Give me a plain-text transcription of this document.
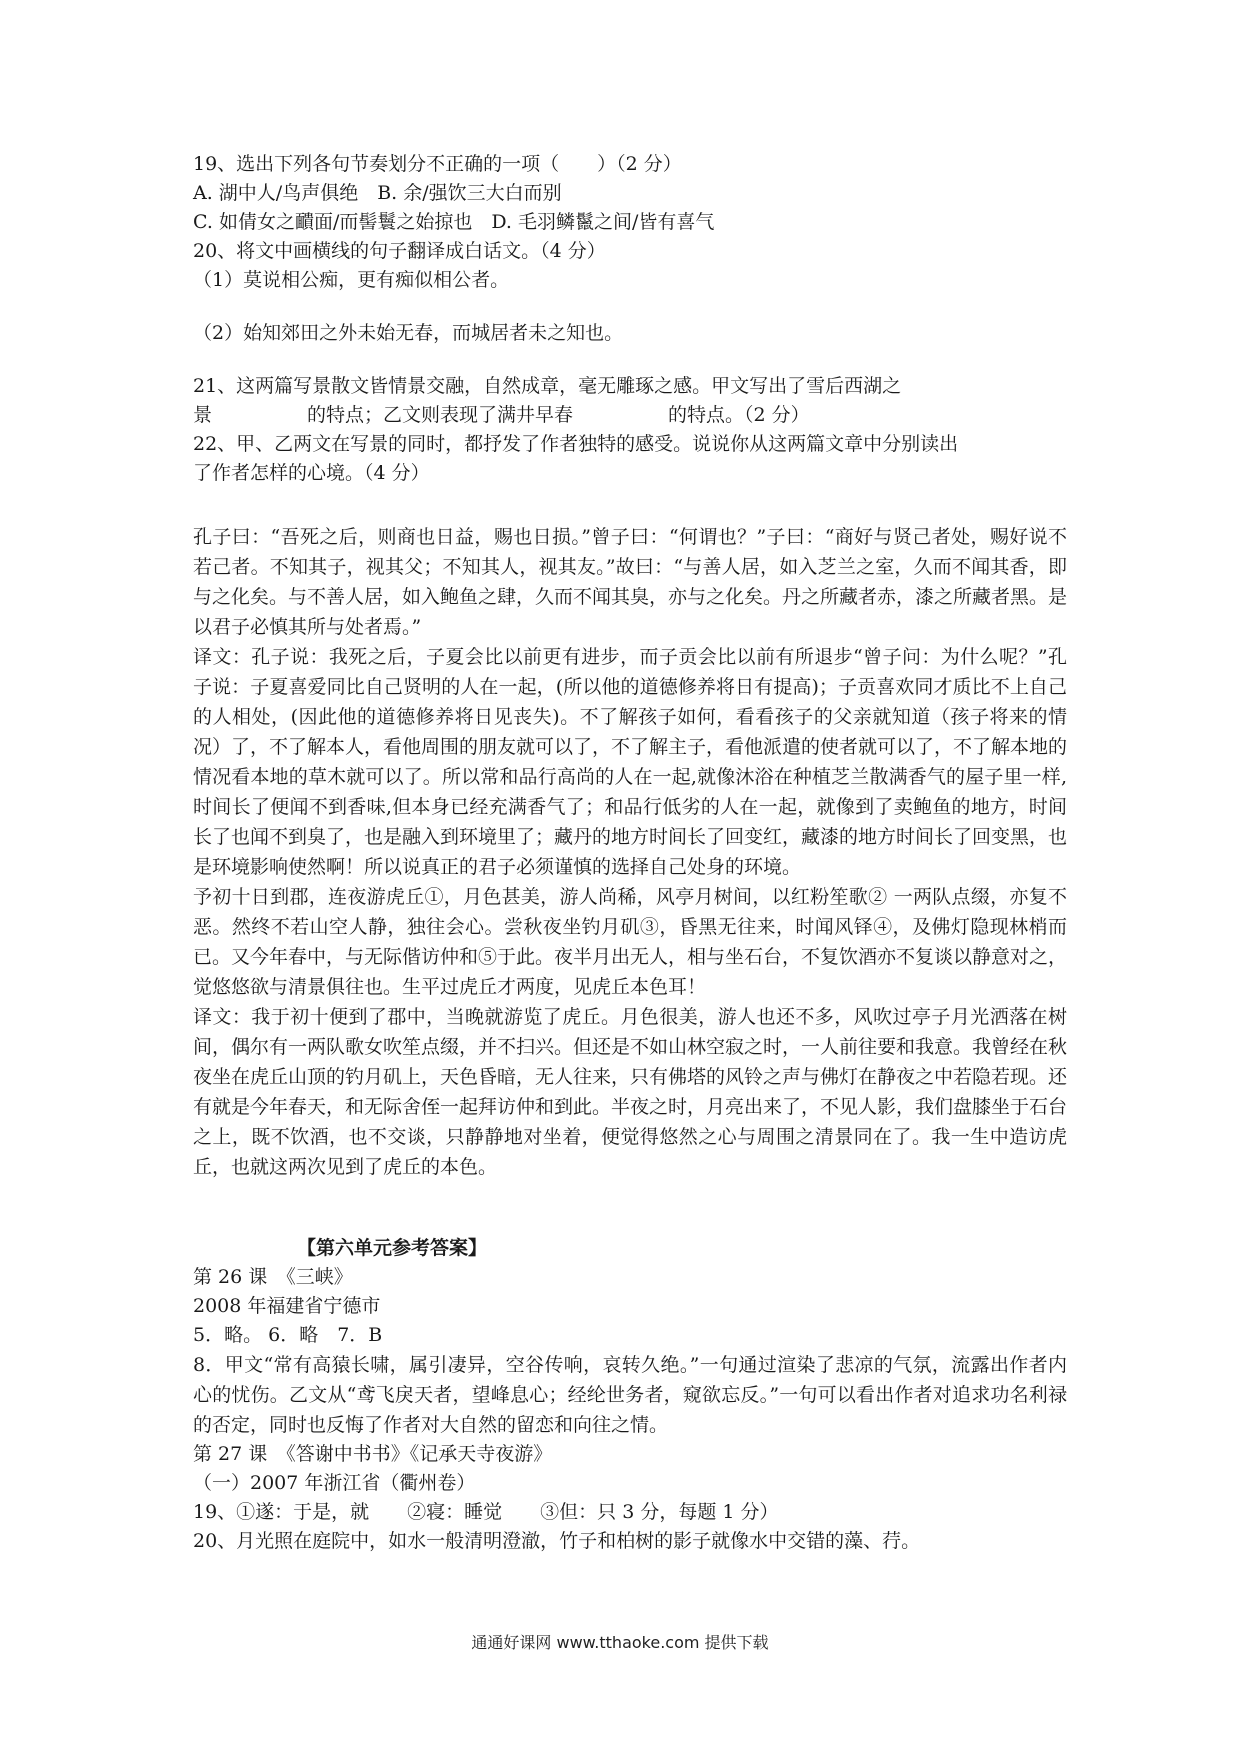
19、选出下列各句节奏划分不正确的一项（　　）（2 分）
A. 湖中人/鸟声俱绝　B. 余/强饮三大白而别
C. 如倩女之靧面/而髻鬟之始掠也　D. 毛羽鳞鬣之间/皆有喜气
20、将文中画横线的句子翻译成白话文。（4 分）
（1）莫说相公痴，更有痴似相公者。
（2）始知郊田之外未始无春，而城居者未之知也。
21、这两篇写景散文皆情景交融，自然成章，毫无雕琢之感。甲文写出了雪后西湖之
景　　　　　的特点；乙文则表现了满井早春　　　　　的特点。（2 分）
22、甲、乙两文在写景的同时，都抒发了作者独特的感受。说说你从这两篇文章中分别读出
了作者怎样的心境。（4 分）
孔子曰：“吾死之后，则商也日益，赐也日损。”曾子曰：“何谓也？”子曰：“商好与贤己者处，赐好说不若己者。不知其子，视其父；不知其人，视其友。”故曰：“与善人居，如入芝兰之室，久而不闻其香，即与之化矣。与不善人居，如入鲍鱼之肆，久而不闻其臭，亦与之化矣。丹之所藏者赤，漆之所藏者黑。是以君子必慎其所与处者焉。”
译文：孔子说：我死之后，子夏会比以前更有进步，而子贡会比以前有所退步“曾子问：为什么呢？”孔子说：子夏喜爱同比自己贤明的人在一起，(所以他的道德修养将日有提高)；子贡喜欢同才质比不上自己的人相处，(因此他的道德修养将日见丧失)。不了解孩子如何，看看孩子的父亲就知道（孩子将来的情况）了，不了解本人，看他周围的朋友就可以了，不了解主子，看他派遣的使者就可以了，不了解本地的情况看本地的草木就可以了。所以常和品行高尚的人在一起,就像沐浴在种植芝兰散满香气的屋子里一样,时间长了便闻不到香味,但本身已经充满香气了；和品行低劣的人在一起，就像到了卖鲍鱼的地方，时间长了也闻不到臭了，也是融入到环境里了；藏丹的地方时间长了回变红，藏漆的地方时间长了回变黑，也是环境影响使然啊！所以说真正的君子必须谨慎的选择自己处身的环境。
予初十日到郡，连夜游虎丘①，月色甚美，游人尚稀，风亭月树间，以红粉笙歌② 一两队点缀，亦复不恶。然终不若山空人静，独往会心。尝秋夜坐钓月矶③，昏黑无往来，时闻风铎④，及佛灯隐现林梢而已。又今年春中，与无际偕访仲和⑤于此。夜半月出无人，相与坐石台，不复饮酒亦不复谈以静意对之，觉悠悠欲与清景俱往也。生平过虎丘才两度，见虎丘本色耳！
译文：我于初十便到了郡中，当晚就游览了虎丘。月色很美，游人也还不多，风吹过亭子月光洒落在树间，偶尔有一两队歌女吹笙点缀，并不扫兴。但还是不如山林空寂之时，一人前往要和我意。我曾经在秋夜坐在虎丘山顶的钓月矶上，天色昏暗，无人往来，只有佛塔的风铃之声与佛灯在静夜之中若隐若现。还有就是今年春天，和无际舍侄一起拜访仲和到此。半夜之时，月亮出来了，不见人影，我们盘膝坐于石台之上，既不饮酒，也不交谈，只静静地对坐着，便觉得悠然之心与周围之清景同在了。我一生中造访虎丘，也就这两次见到了虎丘的本色。
【第六单元参考答案】
第 26 课　《三峡》
2008 年福建省宁德市
5．略。 6．略　7．B
8．甲文“常有高猿长啸，属引凄异，空谷传响，哀转久绝。”一句通过渲染了悲凉的气氛，流露出作者内心的忧伤。乙文从“鸢飞戾天者，望峰息心；经纶世务者，窥欲忘反。”一句可以看出作者对追求功名利禄的否定，同时也反悔了作者对大自然的留恋和向往之情。
第 27 课　《答谢中书书》《记承天寺夜游》
（一）2007 年浙江省（衢州卷）
19、①遂：于是，就　　②寝：睡觉　　③但：只 3 分，每题 1 分）
20、月光照在庭院中，如水一般清明澄澈，竹子和柏树的影子就像水中交错的藻、荇。
通通好课网 www.tthaoke.com 提供下载
